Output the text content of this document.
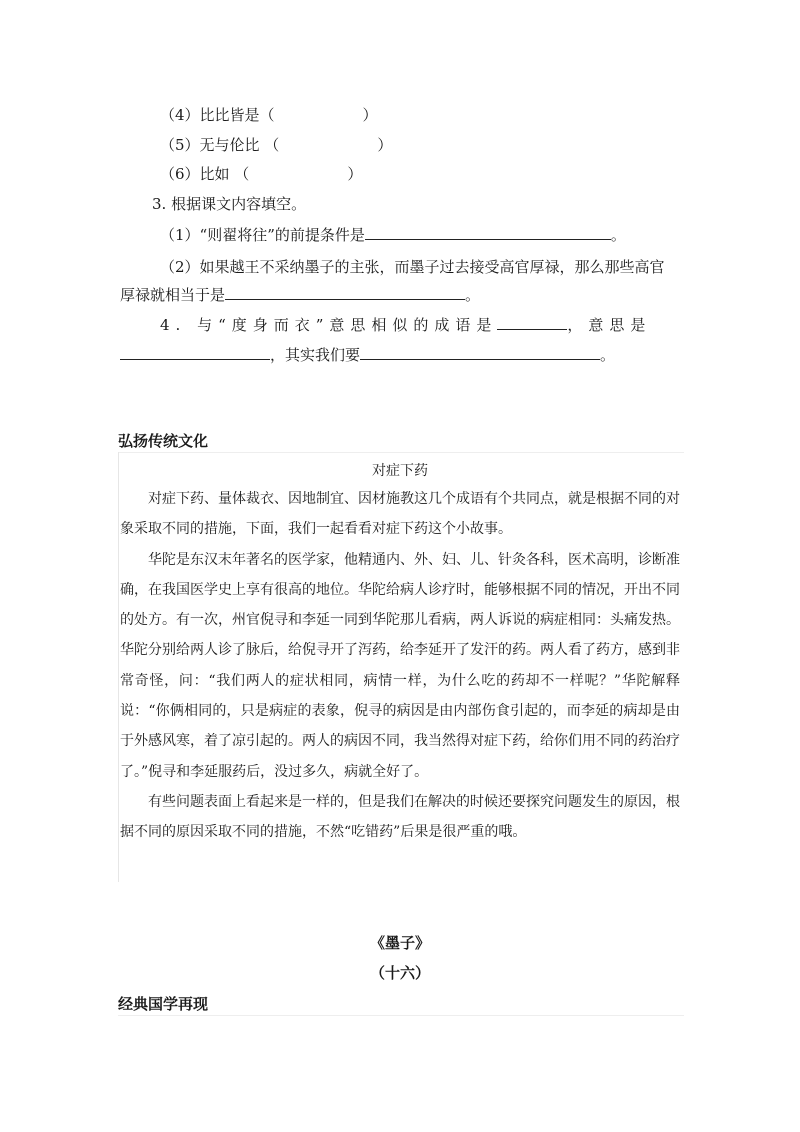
（4）比比皆是（	）
（5）无与伦比 （	）
（6）比如 （	）
3. 根据课文内容填空。
（1）“则翟将往”的前提条件是	。
（2）如果越王不采纳墨子的主张，而墨子过去接受高官厚禄，那么那些高官
厚禄就相当于是	。
4. 与“度身而衣”意思相似的成语是	，意思是
，其实我们要	。
弘扬传统文化
对症下药

对症下药、量体裁衣、因地制宜、因材施教这几个成语有个共同点，就是根据不同的对象采取不同的措施，下面，我们一起看看对症下药这个小故事。

华陀是东汉末年著名的医学家，他精通内、外、妇、儿、针灸各科，医术高明，诊断准确，在我国医学史上享有很高的地位。华陀给病人诊疗时，能够根据不同的情况，开出不同的处方。有一次，州官倪寻和李延一同到华陀那儿看病，两人诉说的病症相同：头痛发热。华陀分别给两人诊了脉后，给倪寻开了泻药，给李延开了发汗的药。两人看了药方，感到非常奇怪，问：“我们两人的症状相同，病情一样，为什么吃的药却不一样呢？”华陀解释说：“你俩相同的，只是病症的表象，倪寻的病因是由内部伤食引起的，而李延的病却是由于外感风寒，着了凉引起的。两人的病因不同，我当然得对症下药，给你们用不同的药治疗了。”倪寻和李延服药后，没过多久，病就全好了。

有些问题表面上看起来是一样的，但是我们在解决的时候还要探究问题发生的原因，根据不同的原因采取不同的措施，不然“吃错药”后果是很严重的哦。

《墨子》
（十六）
经典国学再现
